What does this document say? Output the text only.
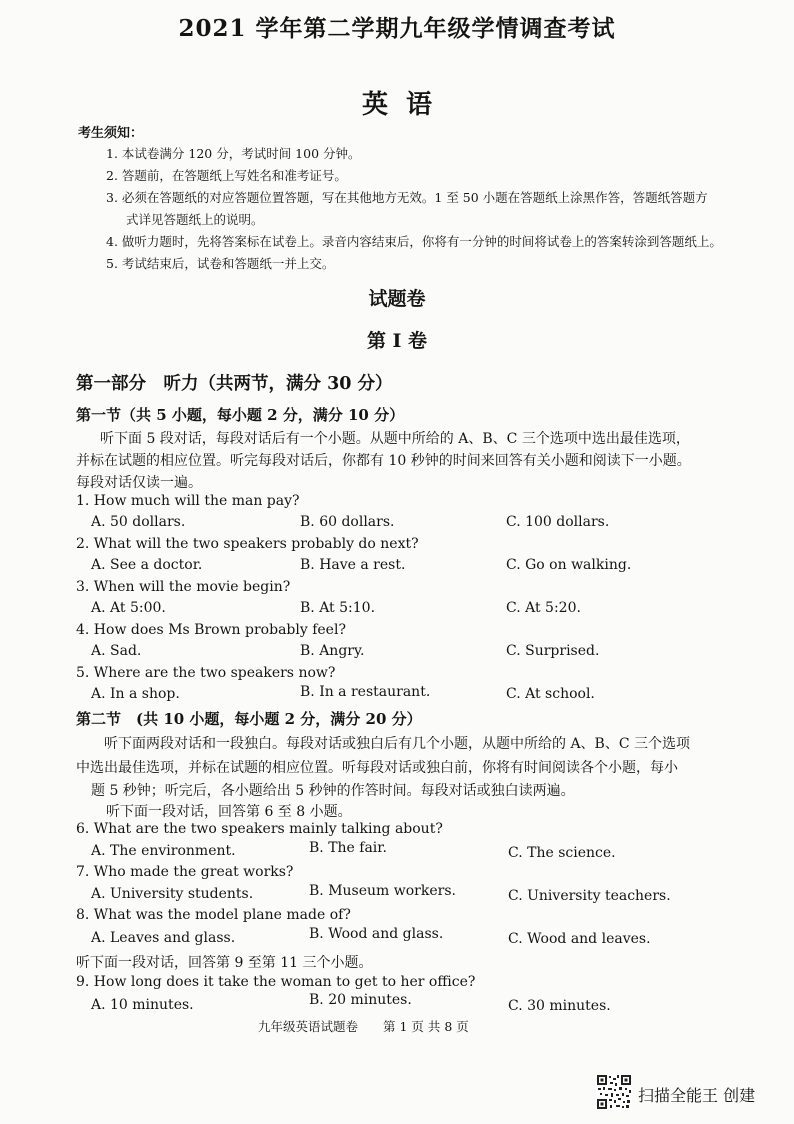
2021 学年第二学期九年级学情调查考试
英语
考生须知：
1. 本试卷满分 120 分，考试时间 100 分钟。
2. 答题前，在答题纸上写姓名和准考证号。
3. 必须在答题纸的对应答题位置答题，写在其他地方无效。1 至 50 小题在答题纸上涂黑作答，答题纸答题方
式详见答题纸上的说明。
4. 做听力题时，先将答案标在试卷上。录音内容结束后，你将有一分钟的时间将试卷上的答案转涂到答题纸上。
5. 考试结束后，试卷和答题纸一并上交。
试题卷
第 I 卷
第一部分　听力（共两节，满分 30 分）
第一节（共 5 小题，每小题 2 分，满分 10 分）
听下面 5 段对话，每段对话后有一个小题。从题中所给的 A、B、C 三个选项中选出最佳选项，
并标在试题的相应位置。听完每段对话后，你都有 10 秒钟的时间来回答有关小题和阅读下一小题。
每段对话仅读一遍。
1. How much will the man pay?
A. 50 dollars.	B. 60 dollars.	C. 100 dollars.
2. What will the two speakers probably do next?
A. See a doctor.	B. Have a rest.	C. Go on walking.
3. When will the movie begin?
A. At 5:00.	B. At 5:10.	C. At 5:20.
4. How does Ms Brown probably feel?
A. Sad.	B. Angry.	C. Surprised.
5. Where are the two speakers now?
A. In a shop.	B. In a restaurant.	C. At school.
第二节　(共 10 小题，每小题 2 分，满分 20 分）
听下面两段对话和一段独白。每段对话或独白后有几个小题，从题中所给的 A、B、C 三个选项
中选出最佳选项，并标在试题的相应位置。听每段对话或独白前，你将有时间阅读各个小题，每小
题 5 秒钟；听完后，各小题给出 5 秒钟的作答时间。每段对话或独白读两遍。
听下面一段对话，回答第 6 至 8 小题。
6. What are the two speakers mainly talking about?
A. The environment.	B. The fair.	C. The science.
7. Who made the great works?
A. University students.	B. Museum workers.	C. University teachers.
8. What was the model plane made of?
A. Leaves and glass.	B. Wood and glass.	C. Wood and leaves.
听下面一段对话，回答第 9 至第 11 三个小题。
9. How long does it take the woman to get to her office?
A. 10 minutes.	B. 20 minutes.	C. 30 minutes.
九年级英语试题卷　　第 1 页 共 8 页
扫描全能王 创建
